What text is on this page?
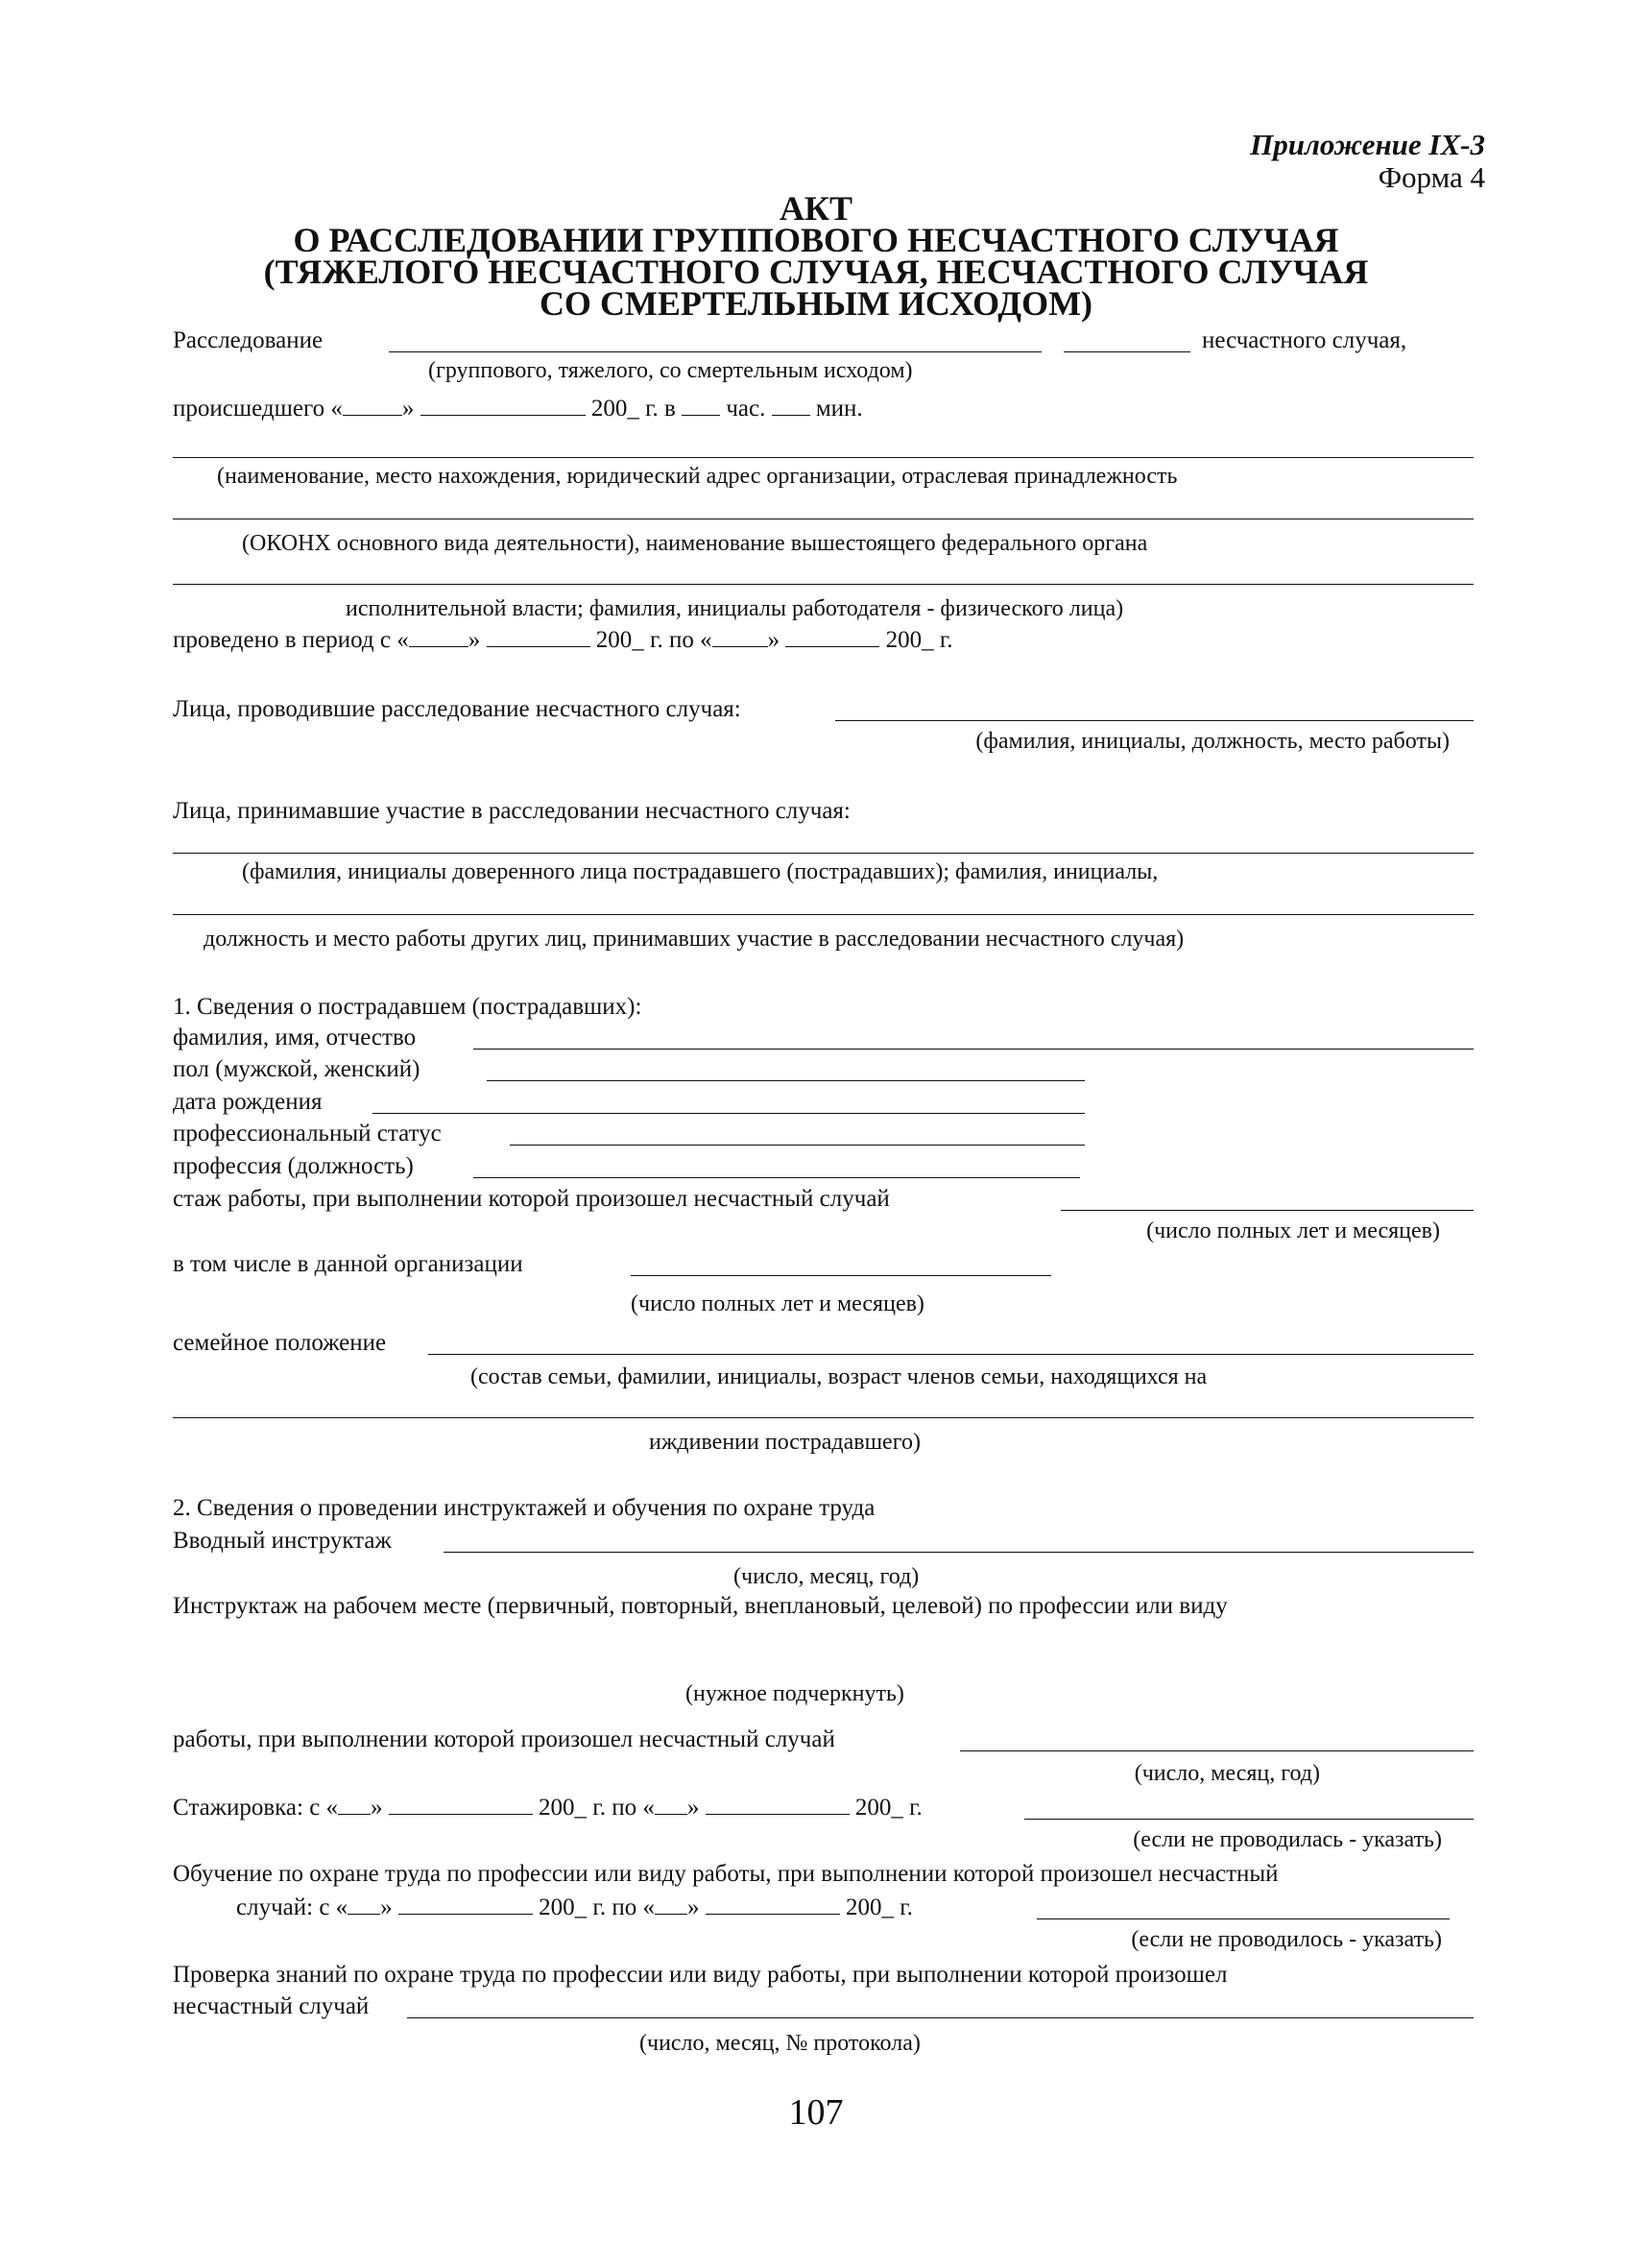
Приложение IX-3
Форма 4
АКТ
О РАССЛЕДОВАНИИ ГРУППОВОГО НЕСЧАСТНОГО СЛУЧАЯ
(ТЯЖЕЛОГО НЕСЧАСТНОГО СЛУЧАЯ, НЕСЧАСТНОГО СЛУЧАЯ
СО СМЕРТЕЛЬНЫМ ИСХОДОМ)
Расследование	несчастного случая,
(группового, тяжелого, со смертельным исходом)
происшедшего « »	200_ г. в час. мин.
(наименование, место нахождения, юридический адрес организации, отраслевая принадлежность
(ОКОНХ основного вида деятельности), наименование вышестоящего федерального органа
исполнительной власти; фамилия, инициалы работодателя - физического лица)
проведено в период с « »	200_ г. по « »	200_ г.
Лица, проводившие расследование несчастного случая:
(фамилия, инициалы, должность, место работы)
Лица, принимавшие участие в расследовании несчастного случая:
(фамилия, инициалы доверенного лица пострадавшего (пострадавших); фамилия, инициалы,
должность и место работы других лиц, принимавших участие в расследовании несчастного случая)
1. Сведения о пострадавшем (пострадавших):
фамилия, имя, отчество
пол (мужской, женский)
дата рождения
профессиональный статус
профессия (должность)
стаж работы, при выполнении которой произошел несчастный случай
(число полных лет и месяцев)
в том числе в данной организации
(число полных лет и месяцев)
семейное положение
(состав семьи, фамилии, инициалы, возраст членов семьи, находящихся на
иждивении пострадавшего)
2. Сведения о проведении инструктажей и обучения по охране труда
Вводный инструктаж
(число, месяц, год)
Инструктаж на рабочем месте (первичный, повторный, внеплановый, целевой) по профессии или виду
(нужное подчеркнуть)
работы, при выполнении которой произошел несчастный случай
(число, месяц, год)
Стажировка: с « »	200_ г. по « »	200_ г.
(если не проводилась - указать)
Обучение по охране труда по профессии или виду работы, при выполнении которой произошел несчастный
случай: с « »	200_ г. по « »	200_ г.
(если не проводилось - указать)
Проверка знаний по охране труда по профессии или виду работы, при выполнении которой произошел
несчастный случай
(число, месяц, № протокола)
107
